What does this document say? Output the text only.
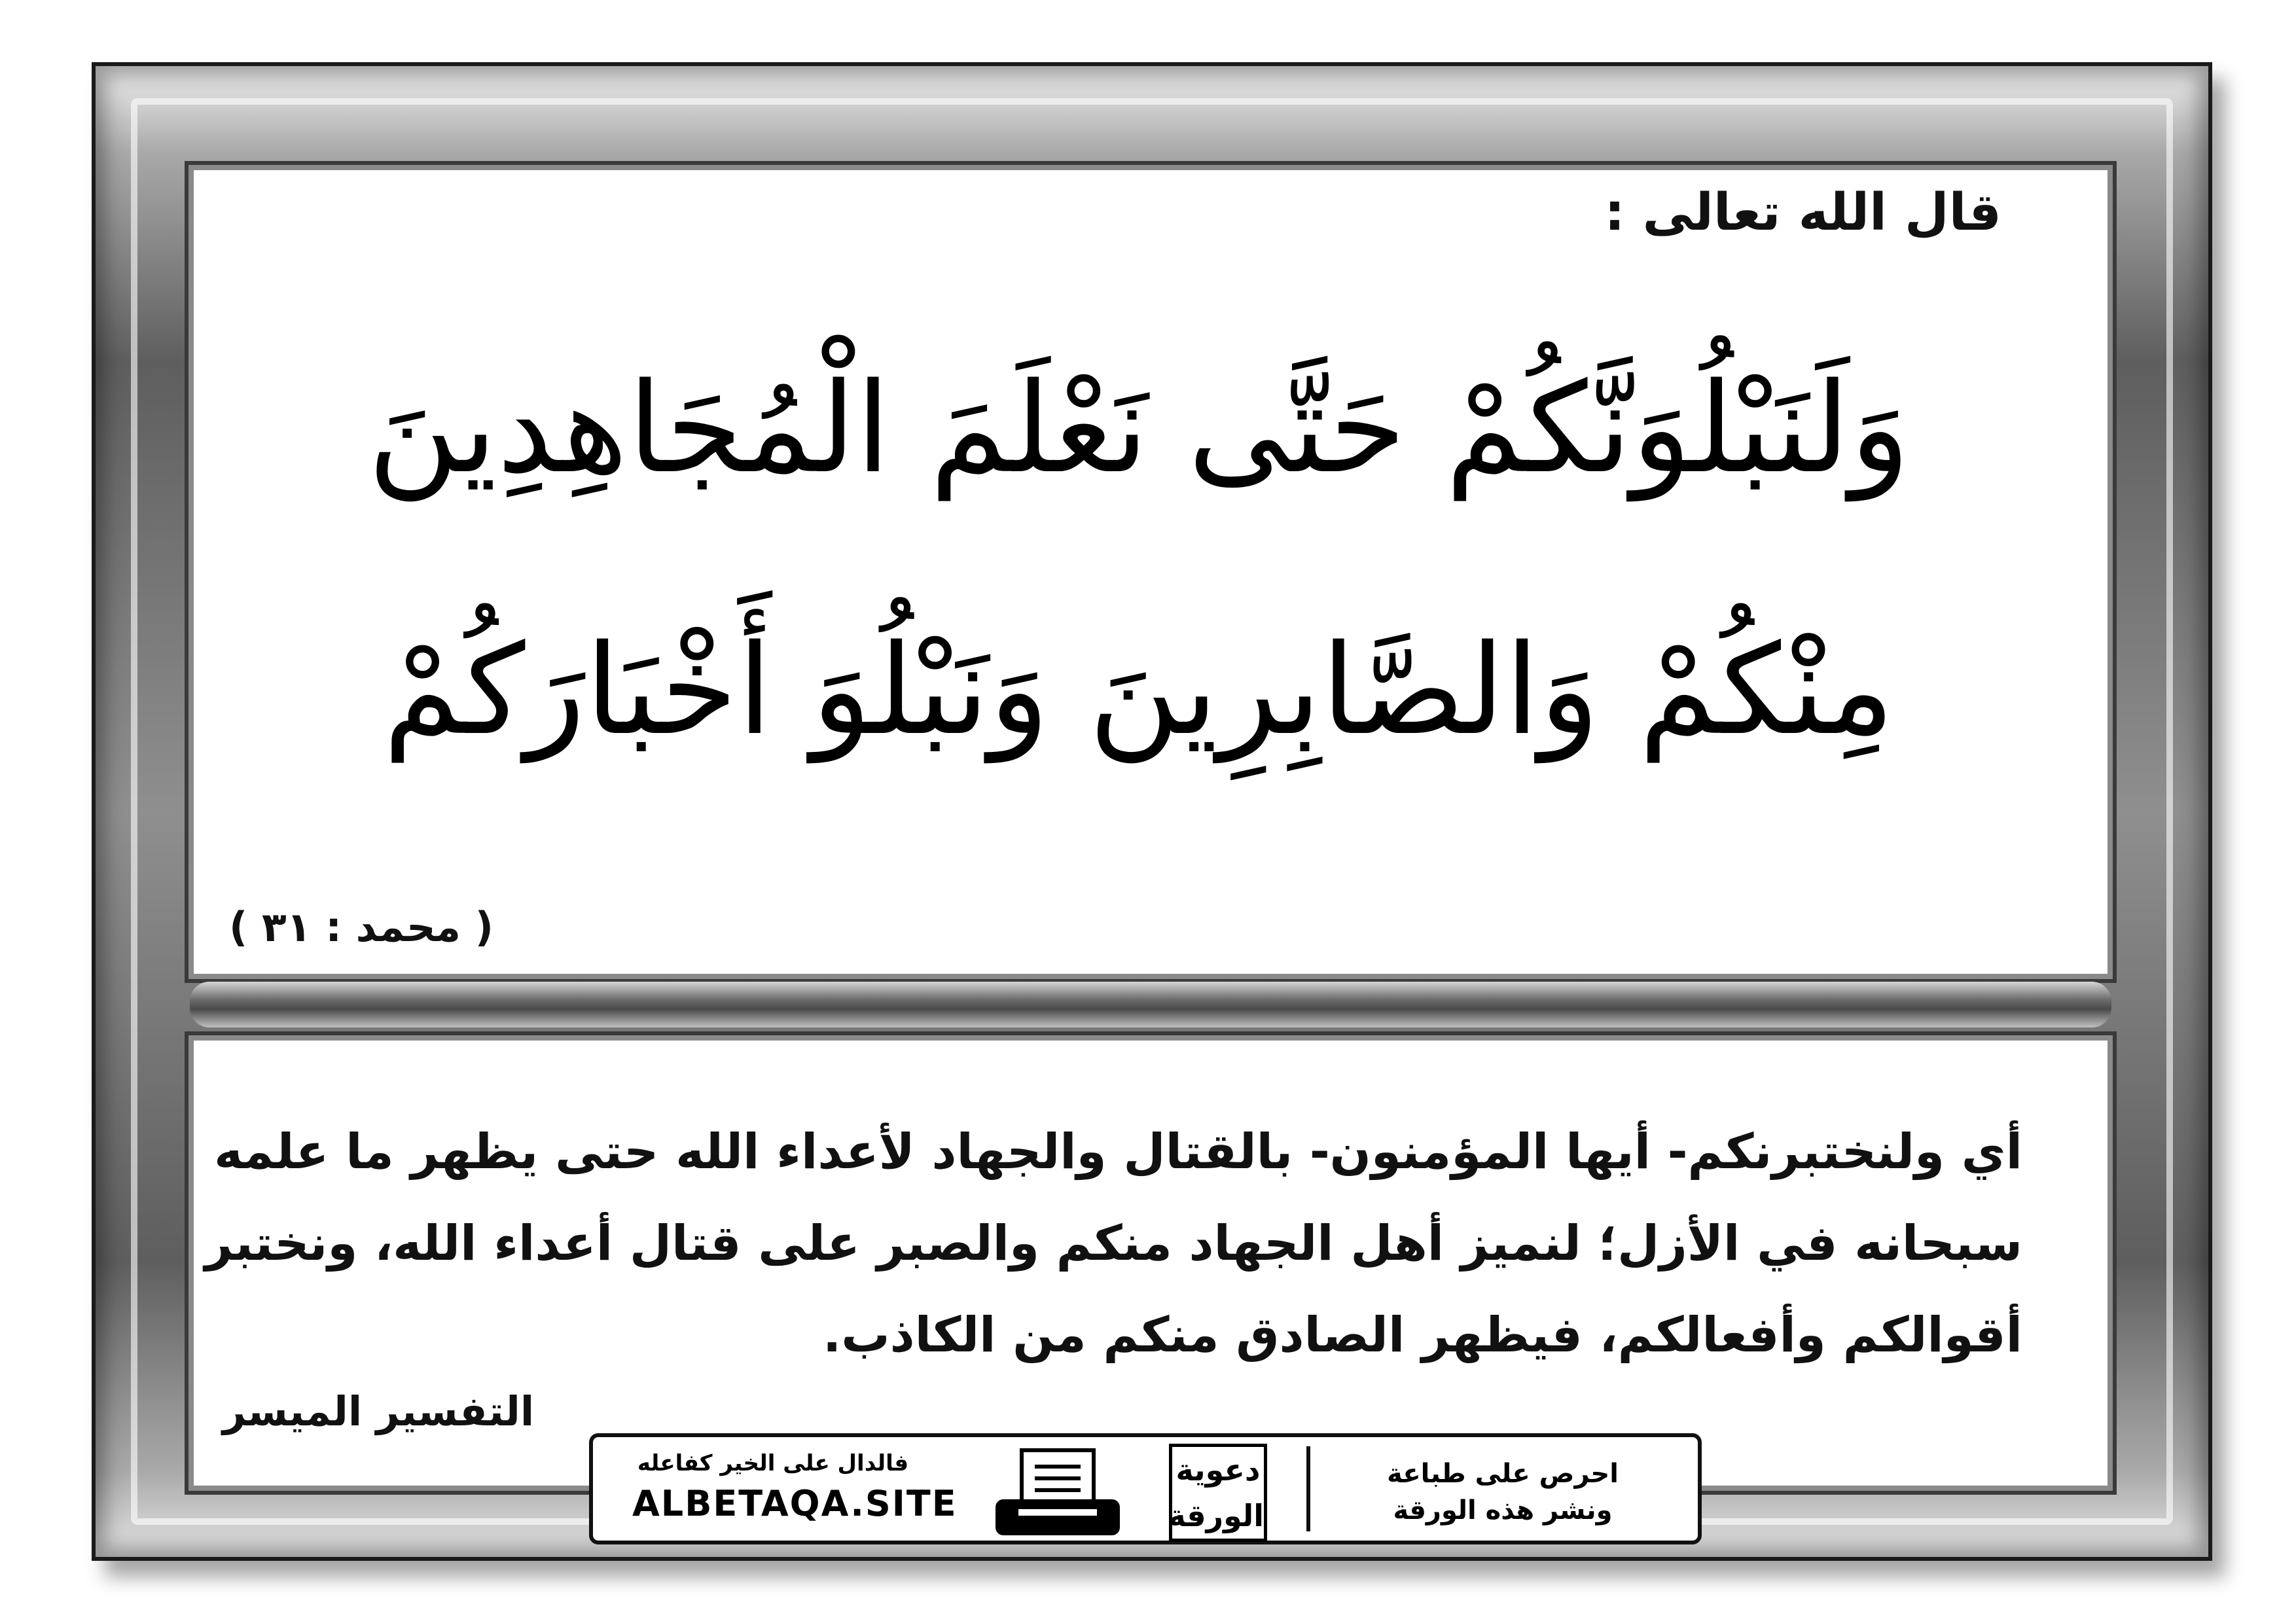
قال الله تعالى :
وَلَنَبْلُوَنَّكُمْ حَتَّى نَعْلَمَ الْمُجَاهِدِينَ
مِنْكُمْ وَالصَّابِرِينَ وَنَبْلُوَ أَخْبَارَكُمْ
( محمد : ٣١ )
أي ولنختبرنكم- أيها المؤمنون- بالقتال والجهاد لأعداء الله حتى يظهر ما علمه
سبحانه في الأزل؛ لنميز أهل الجهاد منكم والصبر على قتال أعداء الله، ونختبر
أقوالكم وأفعالكم، فيظهر الصادق منكم من الكاذب.
التفسير الميسر
فالدال على الخير كفاعله
ALBETAQA.SITE
دعوية
الورقة
احرص على طباعة
ونشر هذه الورقة
